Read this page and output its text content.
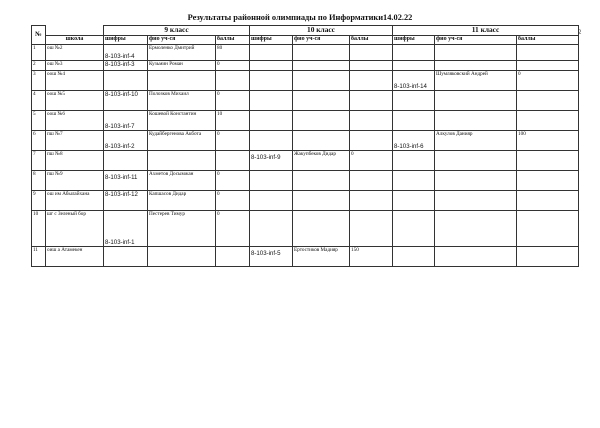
Результаты районной олимпиады по Информатики14.02.22
2
№		9 класс			10 класс			11 класс		
	школа	шифры	фио уч-ся	баллы	шифры	фио уч-ся	баллы	шифры	фио уч-ся	баллы
1	ош №2	8-103-inf-4	Ермоленко Дмитрий	80						
2	ош №3	8-103-inf-3	Кузьмин Роман	0						
3	оош №4							8-103-inf-14	Шумляковский Андрей	0
4	оош №5	8-103-inf-10	Полозков Михаил	0						
5	оош №6	8-103-inf-7	Кошевой Константин	10						
6	пш №7	8-103-inf-2	Кудайбергенова Акбота	0				8-103-inf-6	Алкулов Данияр	100
7	пш №8				8-103-inf-9	Жакупбеков Дидар	0			
8	пш №9	8-103-inf-11	Ахметов Досымжан	0						
9	ош им Абылайхана	8-103-inf-12	Капшасов Дидар	0						
10	шг с Зеленый бор	8-103-inf-1	Пестерев Тимур	0						
11	оиш а Атамекен				8-103-inf-5	Ертостиков Мадияр	150			
